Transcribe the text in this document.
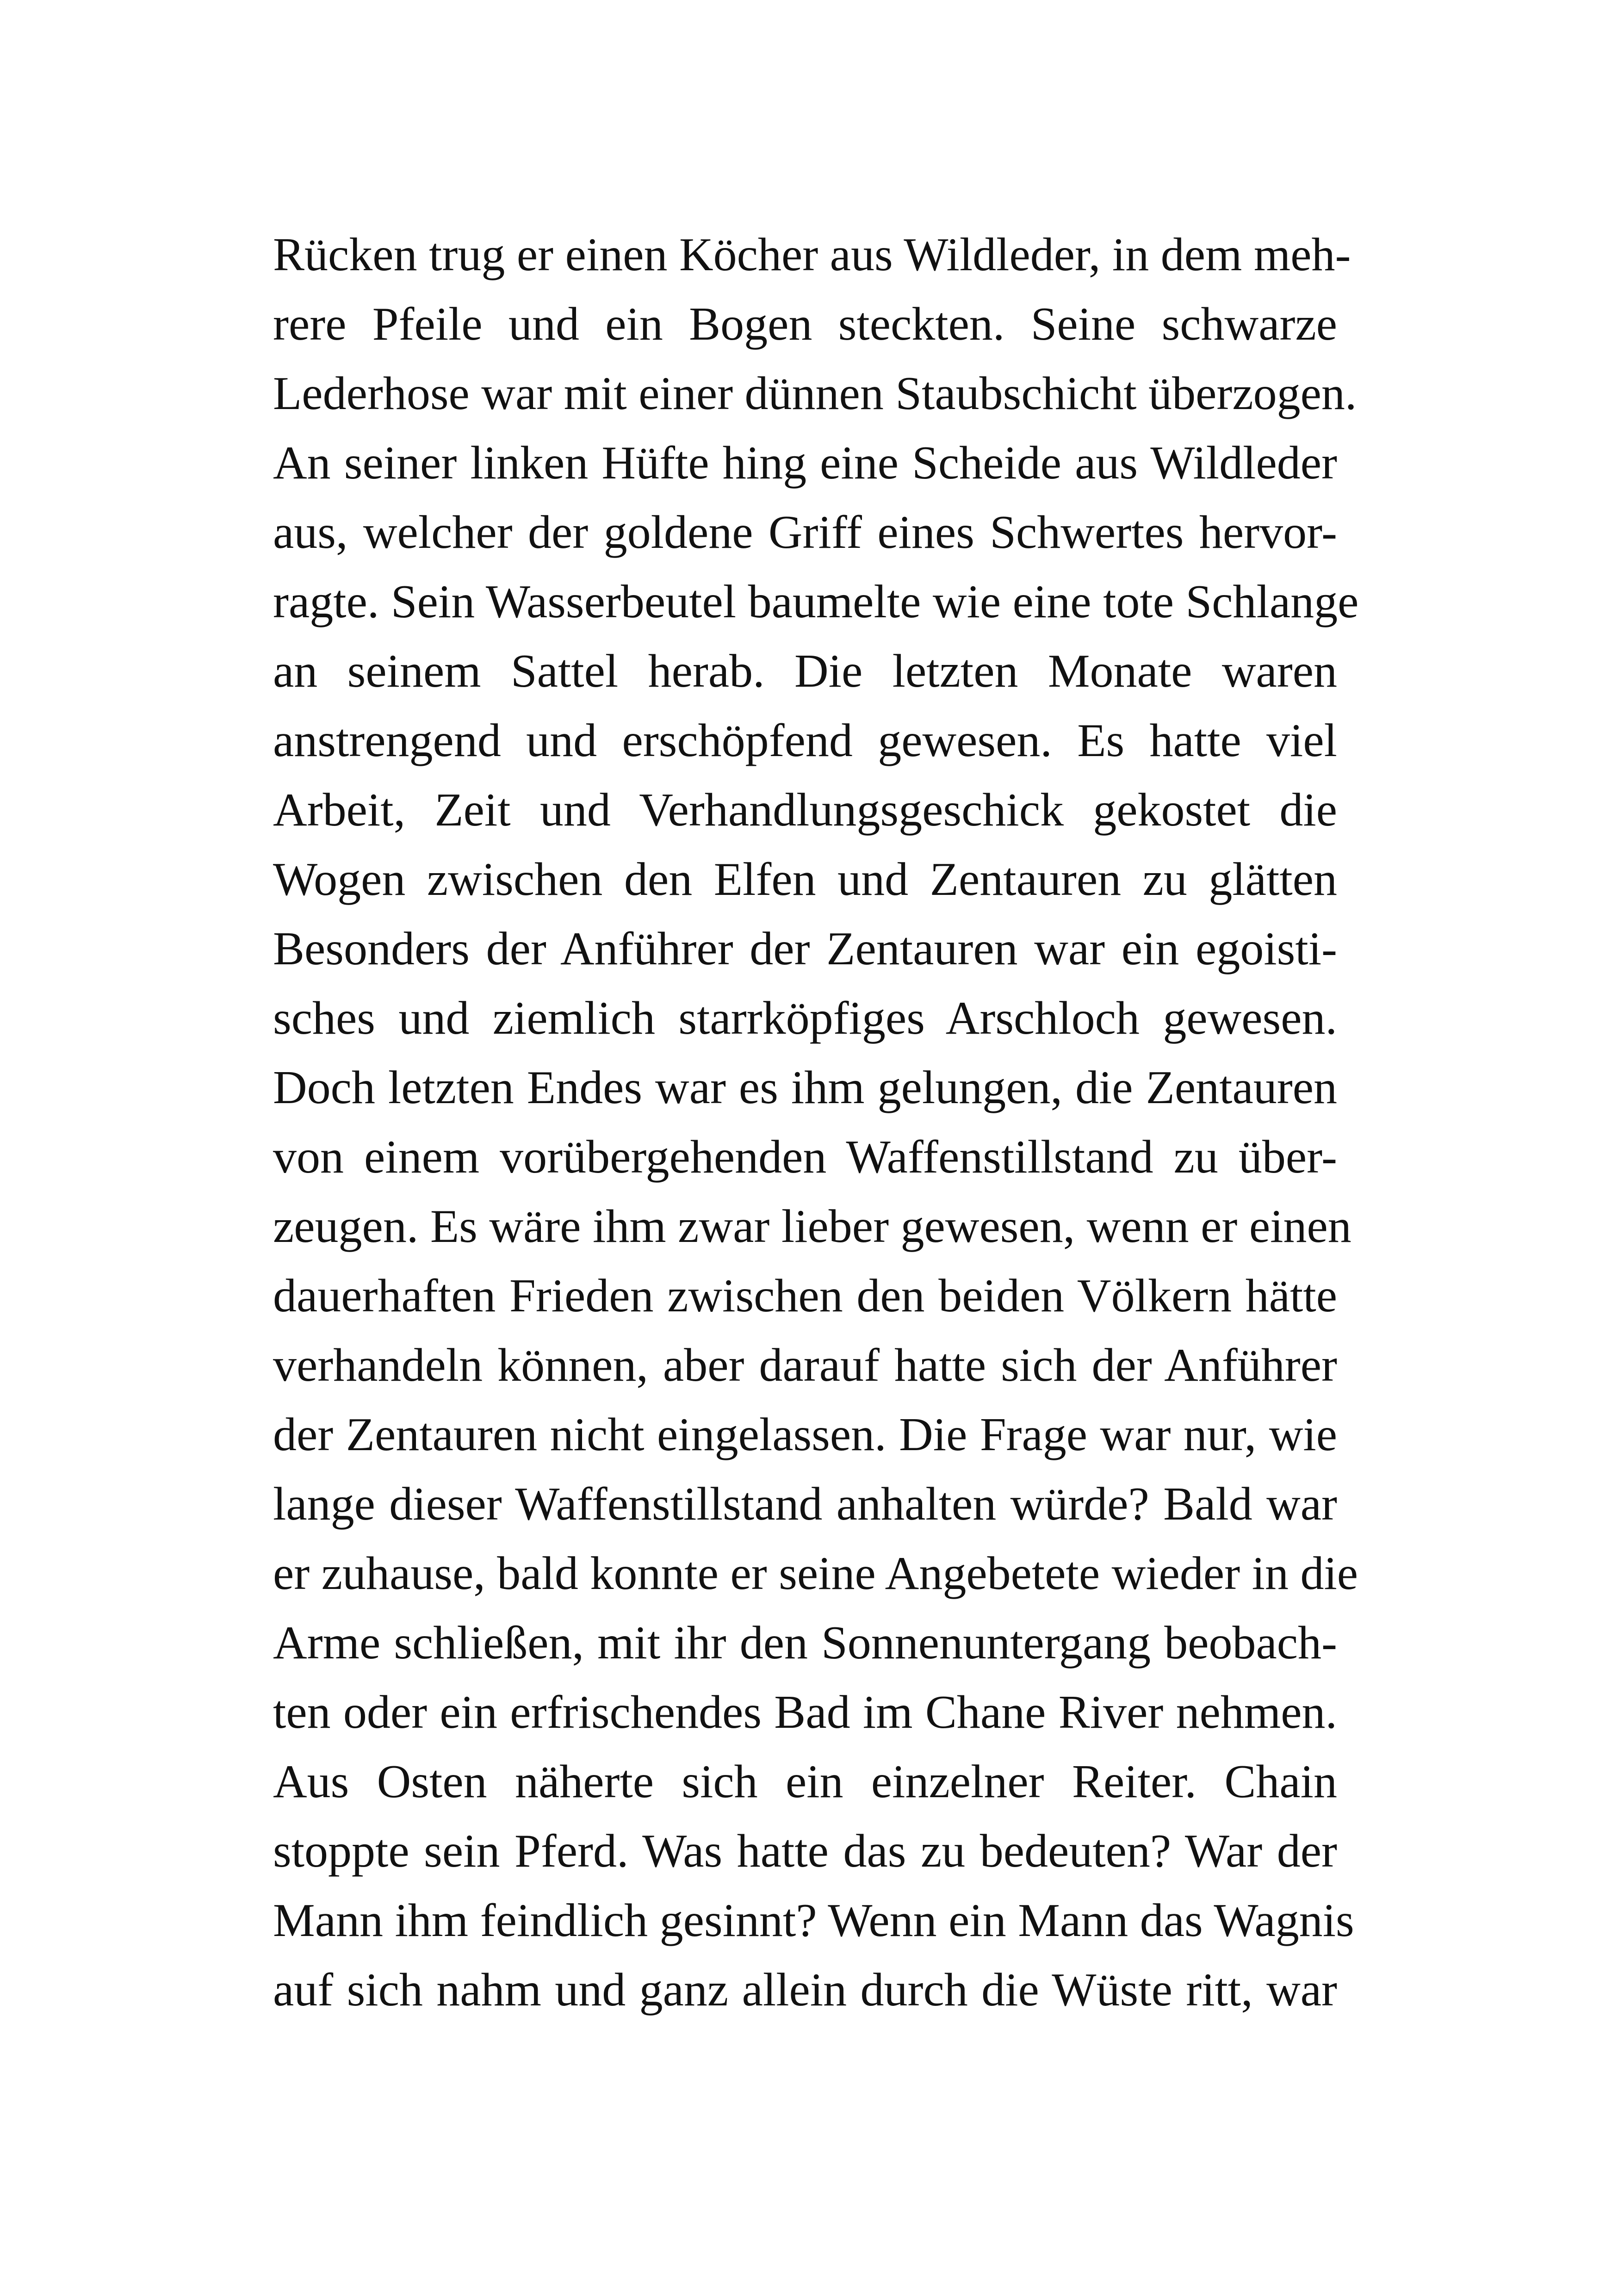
Rücken trug er einen Köcher aus Wildleder, in dem meh-
rere Pfeile und ein Bogen steckten. Seine schwarze
Lederhose war mit einer dünnen Staubschicht überzogen.
An seiner linken Hüfte hing eine Scheide aus Wildleder
aus, welcher der goldene Griff eines Schwertes hervor-
ragte. Sein Wasserbeutel baumelte wie eine tote Schlange
an seinem Sattel herab. Die letzten Monate waren
anstrengend und erschöpfend gewesen. Es hatte viel
Arbeit, Zeit und Verhandlungsgeschick gekostet die
Wogen zwischen den Elfen und Zentauren zu glätten
Besonders der Anführer der Zentauren war ein egoisti-
sches und ziemlich starrköpfiges Arschloch gewesen.
Doch letzten Endes war es ihm gelungen, die Zentauren
von einem vorübergehenden Waffenstillstand zu über-
zeugen. Es wäre ihm zwar lieber gewesen, wenn er einen
dauerhaften Frieden zwischen den beiden Völkern hätte
verhandeln können, aber darauf hatte sich der Anführer
der Zentauren nicht eingelassen. Die Frage war nur, wie
lange dieser Waffenstillstand anhalten würde? Bald war
er zuhause, bald konnte er seine Angebetete wieder in die
Arme schließen, mit ihr den Sonnenuntergang beobach-
ten oder ein erfrischendes Bad im Chane River nehmen.
Aus Osten näherte sich ein einzelner Reiter. Chain
stoppte sein Pferd. Was hatte das zu bedeuten? War der
Mann ihm feindlich gesinnt? Wenn ein Mann das Wagnis
auf sich nahm und ganz allein durch die Wüste ritt, war
